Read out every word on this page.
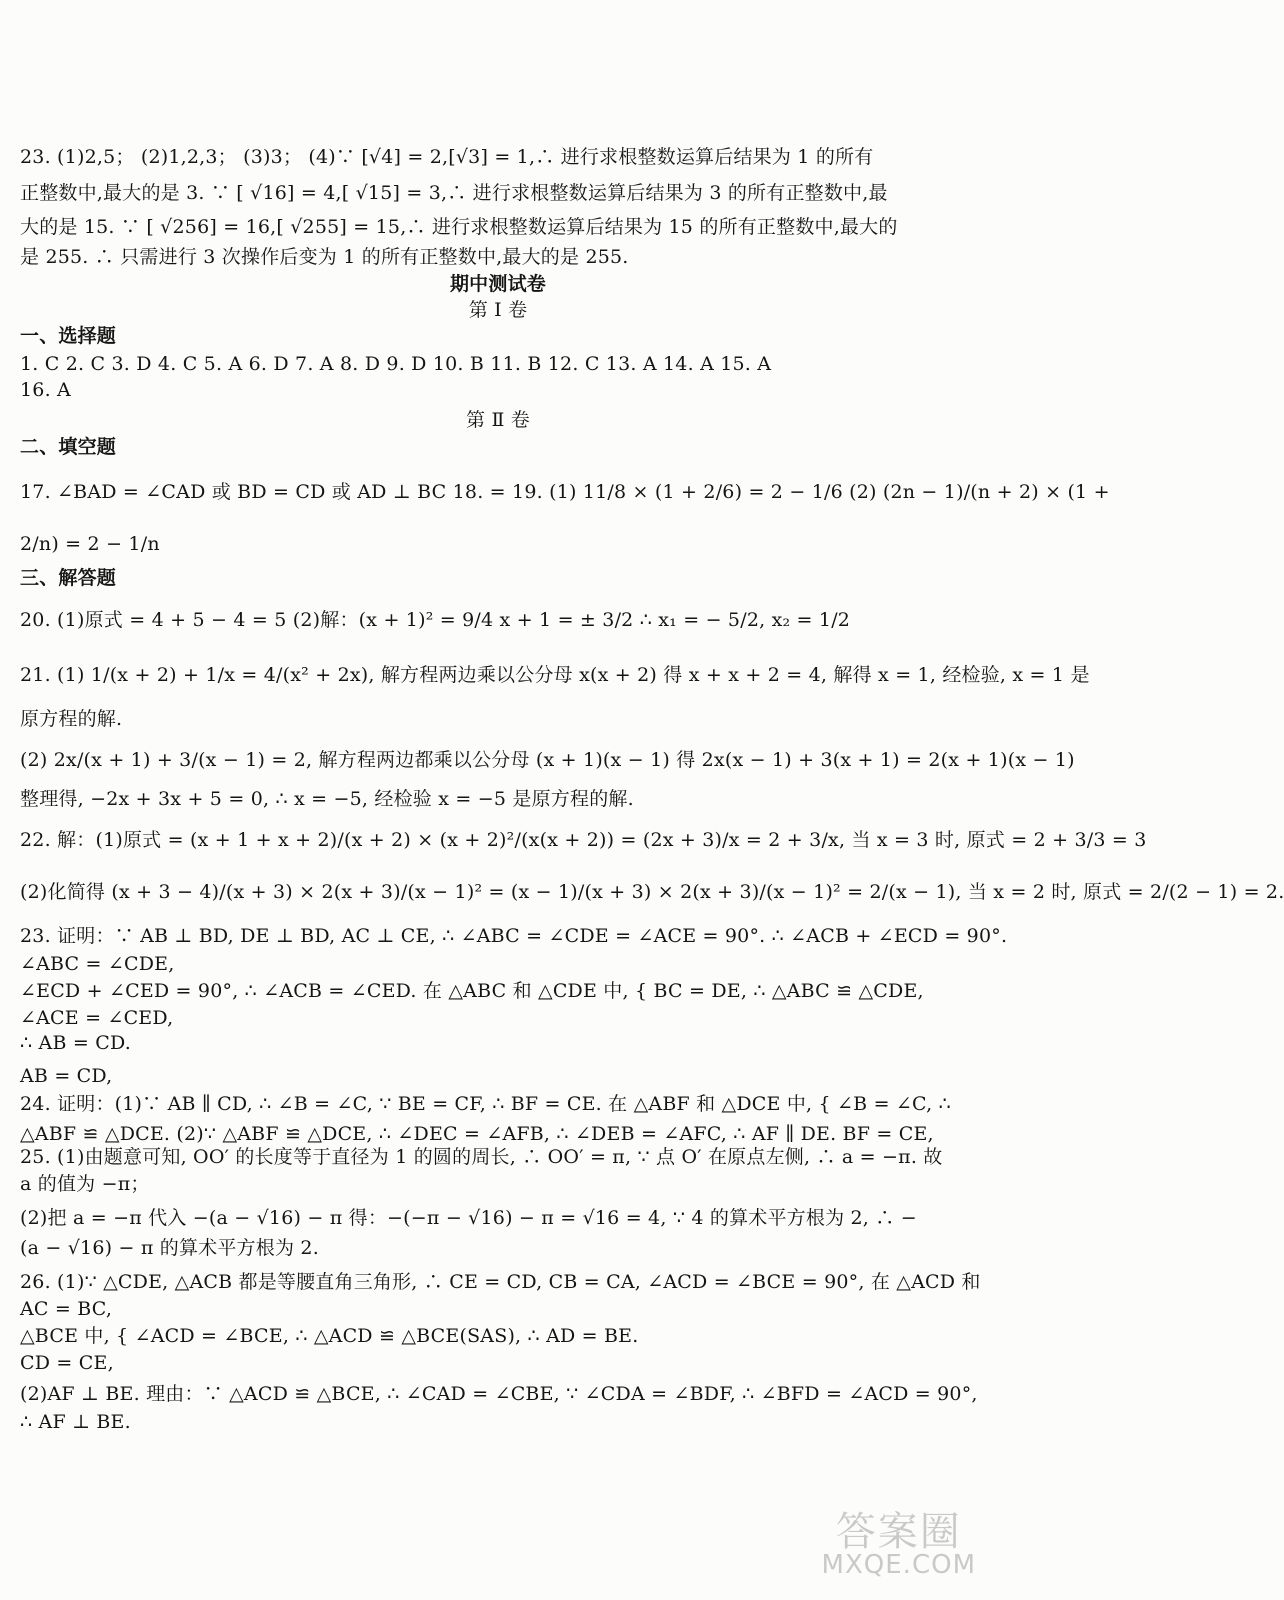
23. (1)2,5； (2)1,2,3； (3)3； (4)∵ [√4] = 2,[√3] = 1,∴ 进行求根整数运算后结果为 1 的所有
正整数中,最大的是 3. ∵ [ √16] = 4,[ √15] = 3,∴ 进行求根整数运算后结果为 3 的所有正整数中,最
大的是 15. ∵ [ √256] = 16,[ √255] = 15,∴ 进行求根整数运算后结果为 15 的所有正整数中,最大的
是 255. ∴ 只需进行 3 次操作后变为 1 的所有正整数中,最大的是 255.
期中测试卷
第 Ⅰ 卷
一、选择题
1. C 2. C 3. D 4. C 5. A 6. D 7. A 8. D 9. D 10. B 11. B 12. C 13. A 14. A 15. A
16. A
第 Ⅱ 卷
二、填空题
17. ∠BAD = ∠CAD 或 BD = CD 或 AD ⊥ BC 18. = 19. (1) 11/8 × (1 + 2/6) = 2 − 1/6 (2) (2n − 1)/(n + 2) × (1 +
2/n) = 2 − 1/n
三、解答题
20. (1)原式 = 4 + 5 − 4 = 5 (2)解：(x + 1)² = 9/4 x + 1 = ± 3/2 ∴ x₁ = − 5/2, x₂ = 1/2
21. (1) 1/(x + 2) + 1/x = 4/(x² + 2x), 解方程两边乘以公分母 x(x + 2) 得 x + x + 2 = 4, 解得 x = 1, 经检验, x = 1 是
原方程的解.
(2) 2x/(x + 1) + 3/(x − 1) = 2, 解方程两边都乘以公分母 (x + 1)(x − 1) 得 2x(x − 1) + 3(x + 1) = 2(x + 1)(x − 1)
整理得, −2x + 3x + 5 = 0, ∴ x = −5, 经检验 x = −5 是原方程的解.
22. 解：(1)原式 = (x + 1 + x + 2)/(x + 2) × (x + 2)²/(x(x + 2)) = (2x + 3)/x = 2 + 3/x, 当 x = 3 时, 原式 = 2 + 3/3 = 3
(2)化简得 (x + 3 − 4)/(x + 3) × 2(x + 3)/(x − 1)² = (x − 1)/(x + 3) × 2(x + 3)/(x − 1)² = 2/(x − 1), 当 x = 2 时, 原式 = 2/(2 − 1) = 2.
23. 证明：∵ AB ⊥ BD, DE ⊥ BD, AC ⊥ CE, ∴ ∠ABC = ∠CDE = ∠ACE = 90°. ∴ ∠ACB + ∠ECD = 90°.
∠ABC = ∠CDE,
∠ECD + ∠CED = 90°, ∴ ∠ACB = ∠CED. 在 △ABC 和 △CDE 中, { BC = DE, ∴ △ABC ≌ △CDE,
∠ACE = ∠CED,
∴ AB = CD.
AB = CD,
24. 证明：(1)∵ AB ∥ CD, ∴ ∠B = ∠C, ∵ BE = CF, ∴ BF = CE. 在 △ABF 和 △DCE 中, { ∠B = ∠C, ∴
△ABF ≌ △DCE. (2)∵ △ABF ≌ △DCE, ∴ ∠DEC = ∠AFB, ∴ ∠DEB = ∠AFC, ∴ AF ∥ DE. BF = CE,
25. (1)由题意可知, OO′ 的长度等于直径为 1 的圆的周长, ∴ OO′ = π, ∵ 点 O′ 在原点左侧, ∴ a = −π. 故
a 的值为 −π；
(2)把 a = −π 代入 −(a − √16) − π 得：−(−π − √16) − π = √16 = 4, ∵ 4 的算术平方根为 2, ∴ −
(a − √16) − π 的算术平方根为 2.
26. (1)∵ △CDE, △ACB 都是等腰直角三角形, ∴ CE = CD, CB = CA, ∠ACD = ∠BCE = 90°, 在 △ACD 和
AC = BC,
△BCE 中, { ∠ACD = ∠BCE, ∴ △ACD ≌ △BCE(SAS), ∴ AD = BE.
CD = CE,
(2)AF ⊥ BE. 理由：∵ △ACD ≌ △BCE, ∴ ∠CAD = ∠CBE, ∵ ∠CDA = ∠BDF, ∴ ∠BFD = ∠ACD = 90°,
∴ AF ⊥ BE.
答案圈
MXQE.COM
